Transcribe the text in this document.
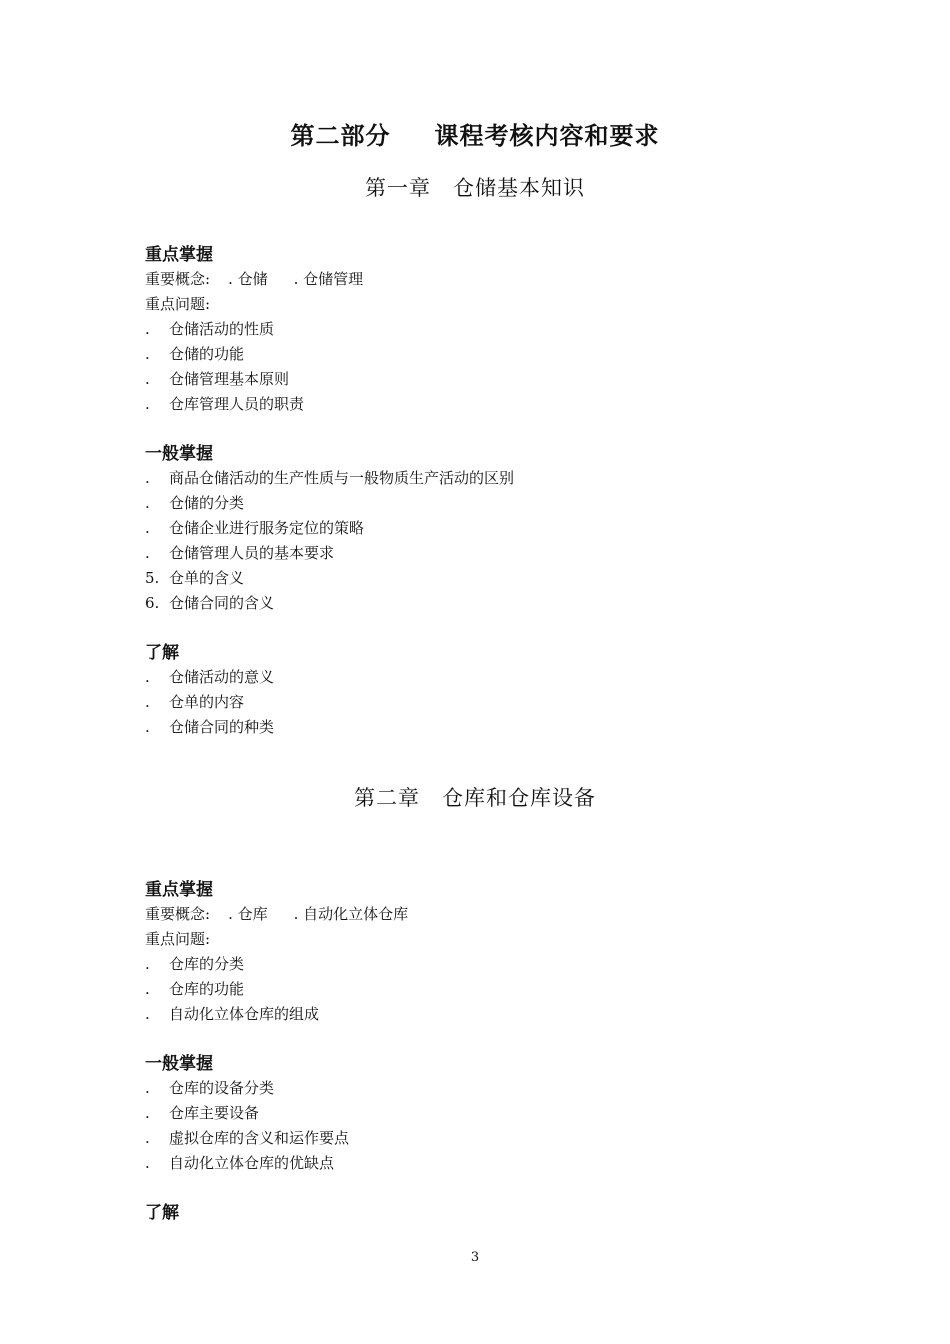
第二部分 课程考核内容和要求
第一章 仓储基本知识
重点掌握
重要概念: . 仓储 . 仓储管理
重点问题:
. 仓储活动的性质
. 仓储的功能
. 仓储管理基本原则
. 仓库管理人员的职责
一般掌握
. 商品仓储活动的生产性质与一般物质生产活动的区别
. 仓储的分类
. 仓储企业进行服务定位的策略
. 仓储管理人员的基本要求
5. 仓单的含义
6. 仓储合同的含义
了解
. 仓储活动的意义
. 仓单的内容
. 仓储合同的种类
第二章 仓库和仓库设备
重点掌握
重要概念: . 仓库 . 自动化立体仓库
重点问题:
. 仓库的分类
. 仓库的功能
. 自动化立体仓库的组成
一般掌握
. 仓库的设备分类
. 仓库主要设备
. 虚拟仓库的含义和运作要点
. 自动化立体仓库的优缺点
了解
3
